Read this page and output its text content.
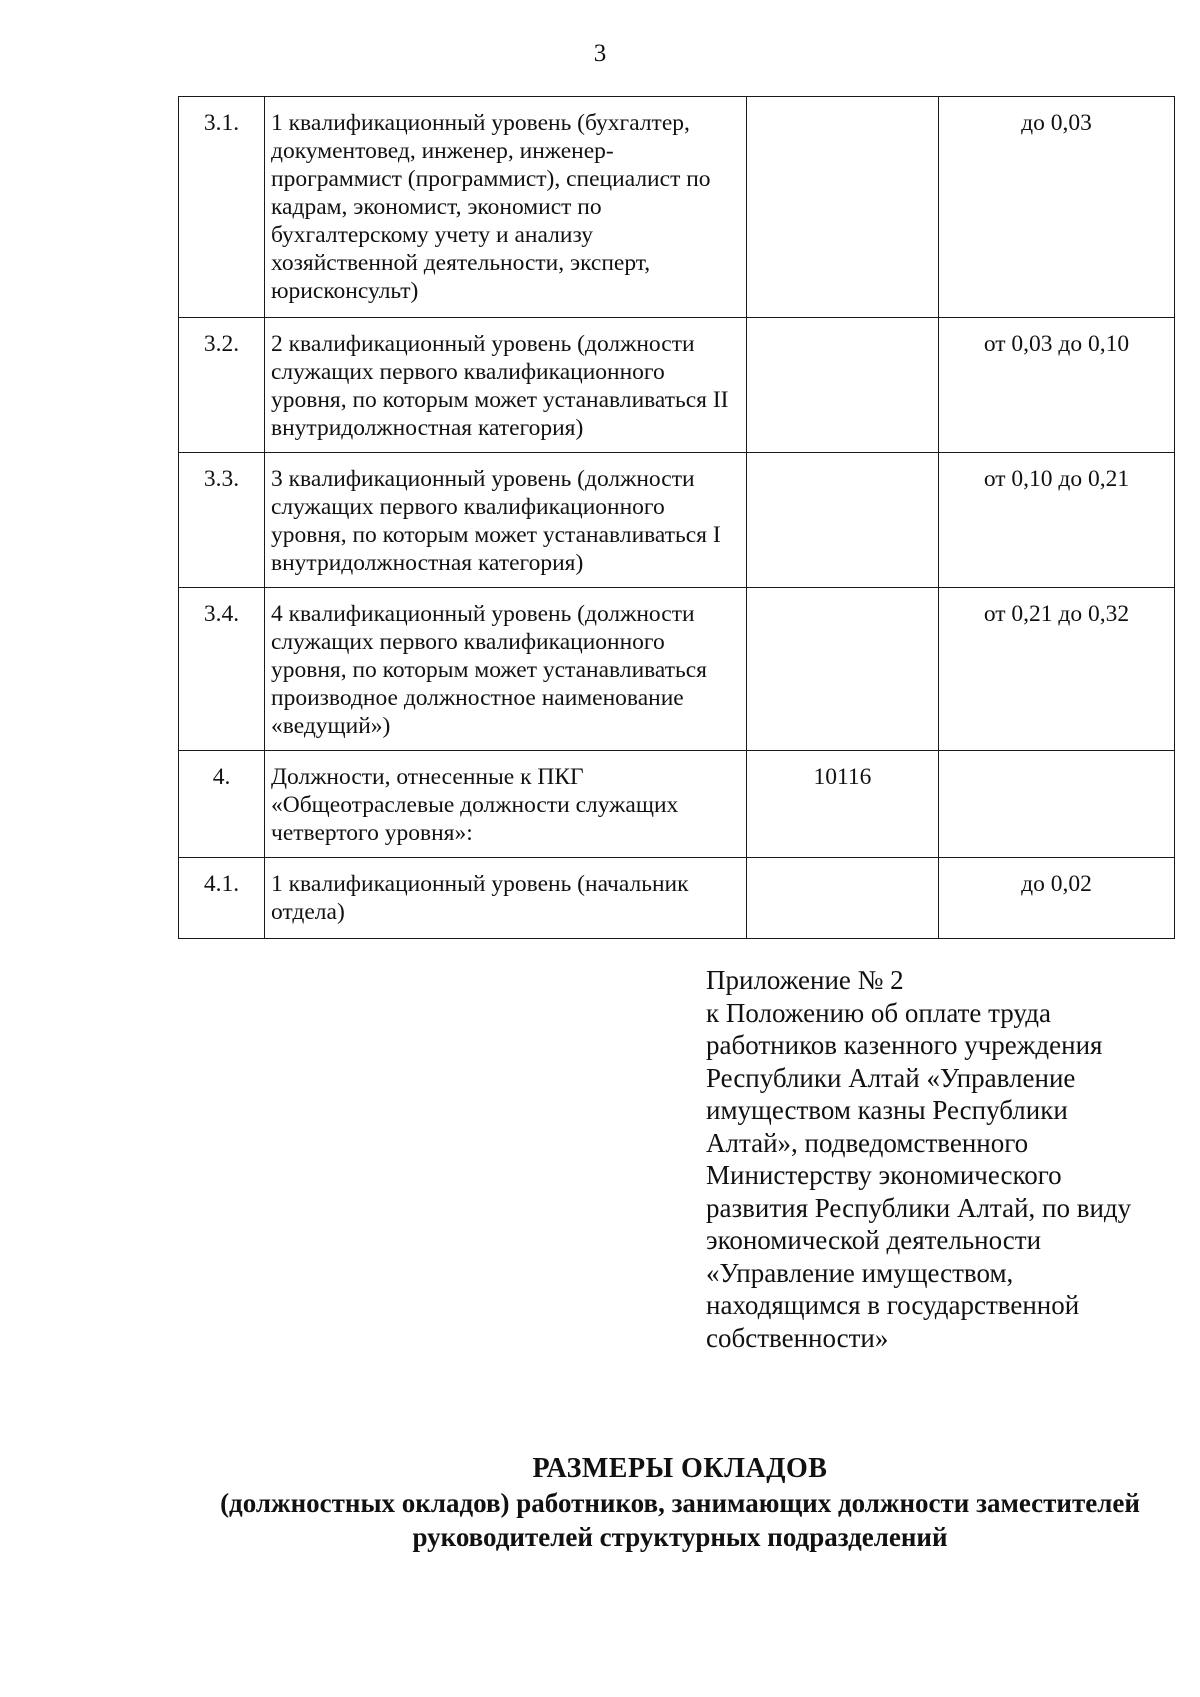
3
3.1.	1 квалификационный уровень (бухгалтер, документовед, инженер, инженер-программист (программист), специалист по кадрам, экономист, экономист по бухгалтерскому учету и анализу хозяйственной деятельности, эксперт, юрисконсульт)		до 0,03
3.2.	2 квалификационный уровень (должности служащих первого квалификационного уровня, по которым может устанавливаться II внутридолжностная категория)		от 0,03 до 0,10
3.3.	3 квалификационный уровень (должности служащих первого квалификационного уровня, по которым может устанавливаться I внутридолжностная категория)		от 0,10 до 0,21
3.4.	4 квалификационный уровень (должности служащих первого квалификационного уровня, по которым может устанавливаться производное должностное наименование «ведущий»)		от 0,21 до 0,32
4.	Должности, отнесенные к ПКГ «Общеотраслевые должности служащих четвертого уровня»:	10116	
4.1.	1 квалификационный уровень (начальник отдела)		до 0,02
Приложение № 2
к Положению об оплате труда
работников казенного учреждения
Республики Алтай «Управление
имуществом казны Республики
Алтай», подведомственного
Министерству экономического
развития Республики Алтай, по виду
экономической деятельности
«Управление имуществом,
находящимся в государственной
собственности»
РАЗМЕРЫ ОКЛАДОВ
(должностных окладов) работников, занимающих должности заместителей
руководителей структурных подразделений
